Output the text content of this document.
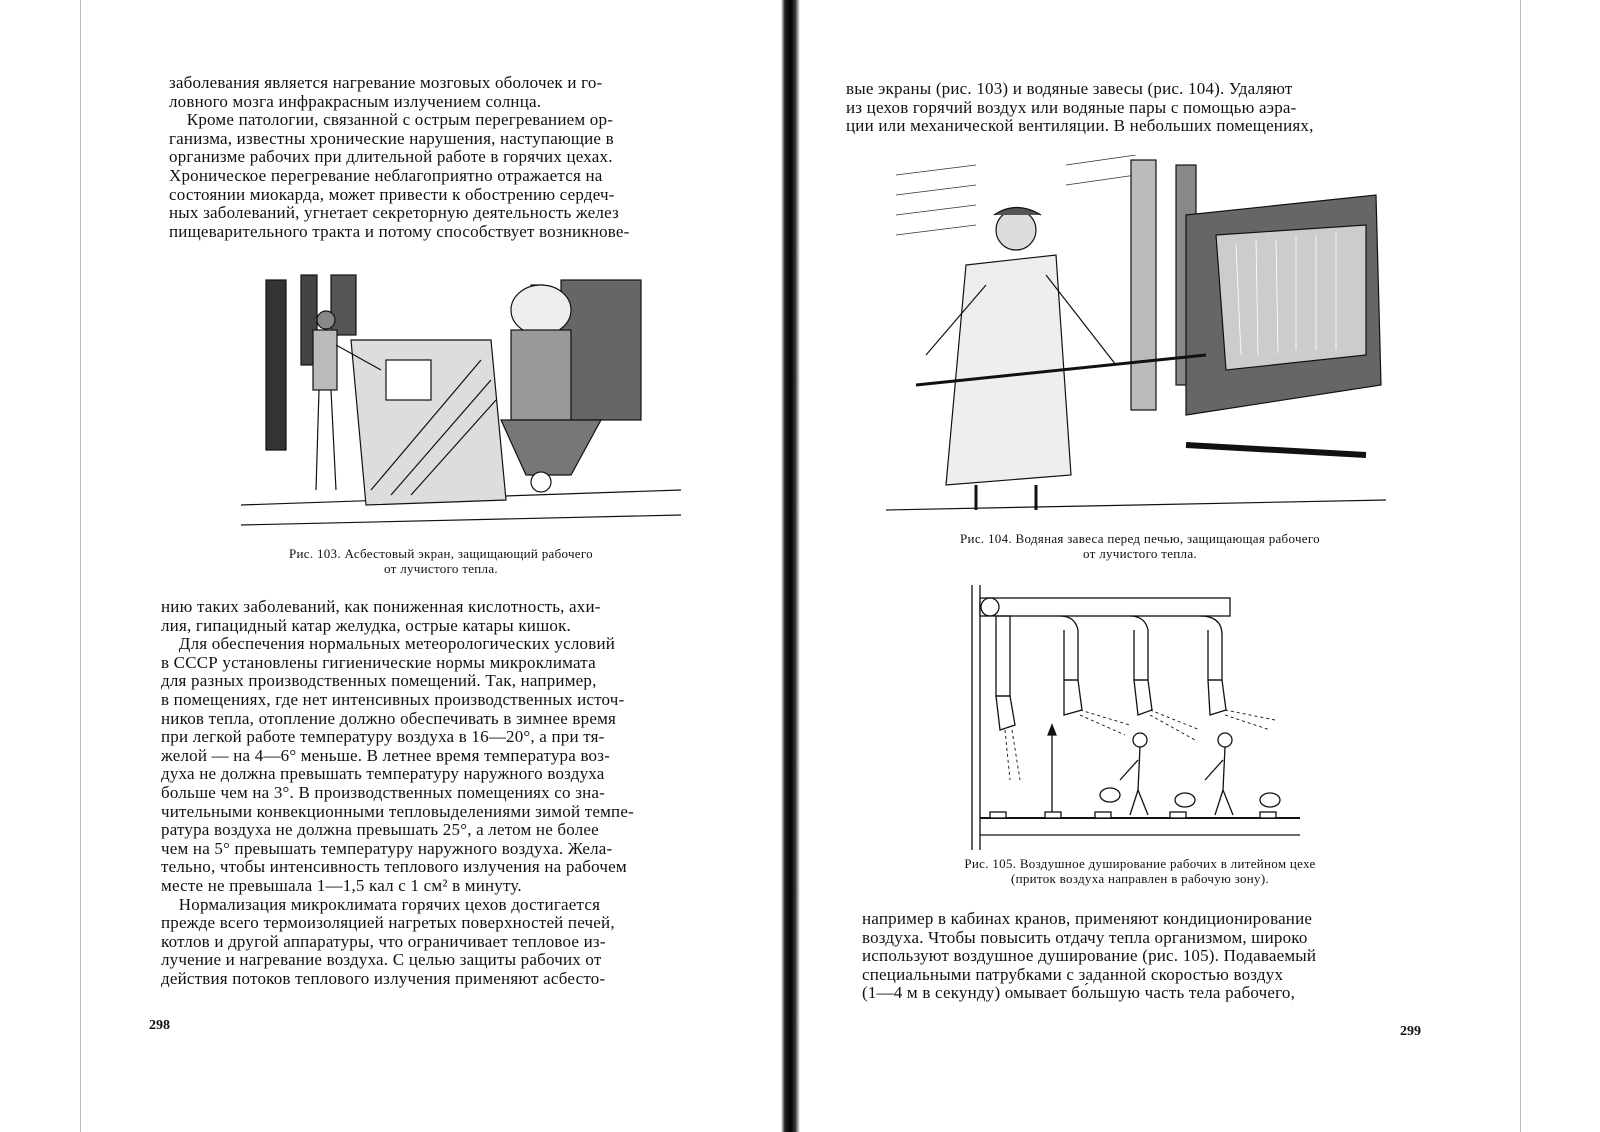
заболевания является нагревание мозговых оболочек и го-
ловного мозга инфракрасным излучением солнца.
Кроме патологии, связанной с острым перегреванием ор-
ганизма, известны хронические нарушения, наступающие в
организме рабочих при длительной работе в горячих цехах.
Хроническое перегревание неблагоприятно отражается на
состоянии миокарда, может привести к обострению сердеч-
ных заболеваний, угнетает секреторную деятельность желез
пищеварительного тракта и потому способствует возникнове-
Рис. 103. Асбестовый экран, защищающий рабочего
от лучистого тепла.
нию таких заболеваний, как пониженная кислотность, ахи-
лия, гипацидный катар желудка, острые катары кишок.
Для обеспечения нормальных метеорологических условий
в СССР установлены гигиенические нормы микроклимата
для разных производственных помещений. Так, например,
в помещениях, где нет интенсивных производственных источ-
ников тепла, отопление должно обеспечивать в зимнее время
при легкой работе температуру воздуха в 16—20°, а при тя-
желой — на 4—6° меньше. В летнее время температура воз-
духа не должна превышать температуру наружного воздуха
больше чем на 3°. В производственных помещениях со зна-
чительными конвекционными тепловыделениями зимой темпе-
ратура воздуха не должна превышать 25°, а летом не более
чем на 5° превышать температуру наружного воздуха. Жела-
тельно, чтобы интенсивность теплового излучения на рабочем
месте не превышала 1—1,5 кал с 1 см² в минуту.
Нормализация микроклимата горячих цехов достигается
прежде всего термоизоляцией нагретых поверхностей печей,
котлов и другой аппаратуры, что ограничивает тепловое из-
лучение и нагревание воздуха. С целью защиты рабочих от
действия потоков теплового излучения применяют асбесто-
298
вые экраны (рис. 103) и водяные завесы (рис. 104). Удаляют
из цехов горячий воздух или водяные пары с помощью аэра-
ции или механической вентиляции. В небольших помещениях,
Рис. 104. Водяная завеса перед печью, защищающая рабочего
от лучистого тепла.
Рис. 105. Воздушное душирование рабочих в литейном цехе
(приток воздуха направлен в рабочую зону).
например в кабинах кранов, применяют кондиционирование
воздуха. Чтобы повысить отдачу тепла организмом, широко
используют воздушное душирование (рис. 105). Подаваемый
специальными патрубками с заданной скоростью воздух
(1—4 м в секунду) омывает бо́льшую часть тела рабочего,
299
